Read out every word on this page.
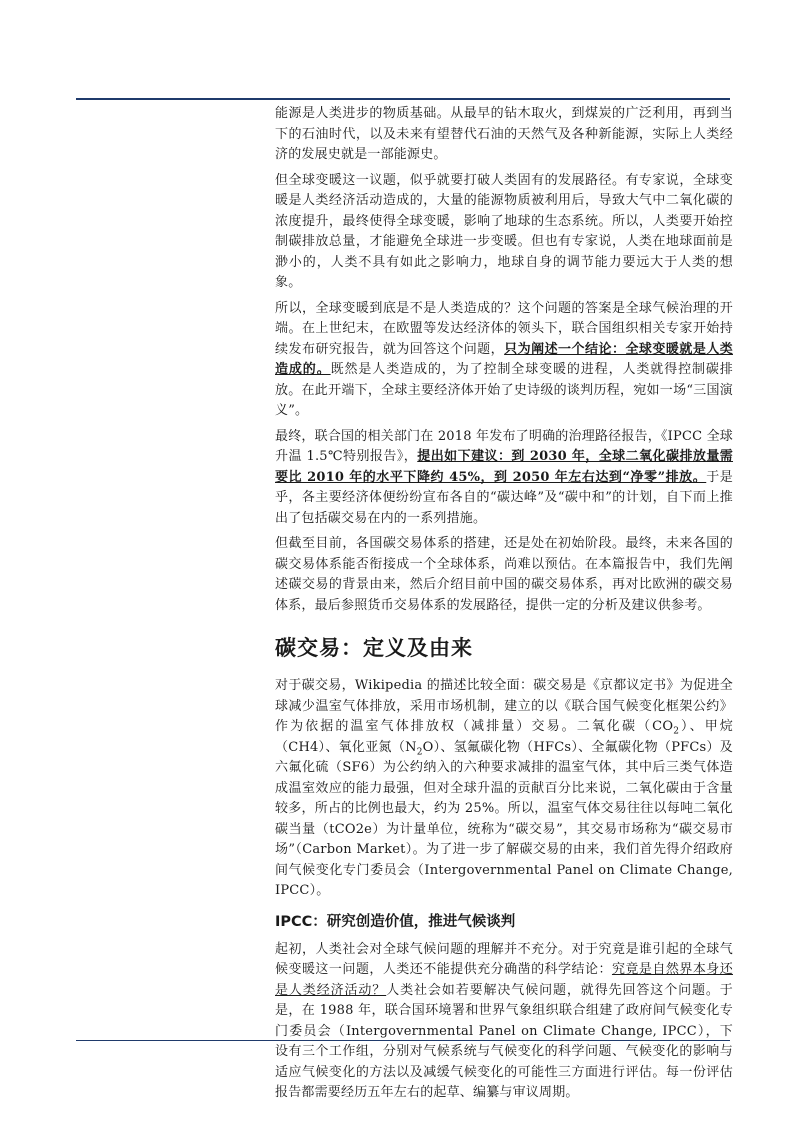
能源是人类进步的物质基础。从最早的钻木取火，到煤炭的广泛利用，再到当下的石油时代，以及未来有望替代石油的天然气及各种新能源，实际上人类经济的发展史就是一部能源史。

但全球变暖这一议题，似乎就要打破人类固有的发展路径。有专家说，全球变暖是人类经济活动造成的，大量的能源物质被利用后，导致大气中二氧化碳的浓度提升，最终使得全球变暖，影响了地球的生态系统。所以，人类要开始控制碳排放总量，才能避免全球进一步变暖。但也有专家说，人类在地球面前是渺小的，人类不具有如此之影响力，地球自身的调节能力要远大于人类的想象。

所以，全球变暖到底是不是人类造成的？这个问题的答案是全球气候治理的开端。在上世纪末，在欧盟等发达经济体的领头下，联合国组织相关专家开始持续发布研究报告，就为回答这个问题，只为阐述一个结论：全球变暖就是人类造成的。既然是人类造成的，为了控制全球变暖的进程，人类就得控制碳排放。在此开端下，全球主要经济体开始了史诗级的谈判历程，宛如一场“三国演义”。

最终，联合国的相关部门在 2018 年发布了明确的治理路径报告，《IPCC 全球升温 1.5℃特别报告》，提出如下建议：到 2030 年，全球二氧化碳排放量需要比 2010 年的水平下降约 45%，到 2050 年左右达到“净零”排放。于是乎，各主要经济体便纷纷宣布各自的“碳达峰”及“碳中和”的计划，自下而上推出了包括碳交易在内的一系列措施。

但截至目前，各国碳交易体系的搭建，还是处在初始阶段。最终，未来各国的碳交易体系能否衔接成一个全球体系，尚难以预估。在本篇报告中，我们先阐述碳交易的背景由来，然后介绍目前中国的碳交易体系，再对比欧洲的碳交易体系，最后参照货币交易体系的发展路径，提供一定的分析及建议供参考。

碳交易：定义及由来

对于碳交易，Wikipedia 的描述比较全面：碳交易是《京都议定书》为促进全球减少温室气体排放，采用市场机制，建立的以《联合国气候变化框架公约》作为依据的温室气体排放权（减排量）交易。二氧化碳$(CO_2)$、甲烷（CH4）、氧化亚氮$(N_2O)$、氢氟碳化物（HFCs）、全氟碳化物（PFCs）及六氟化硫（SF6）为公约纳入的六种要求减排的温室气体，其中后三类气体造成温室效应的能力最强，但对全球升温的贡献百分比来说，二氧化碳由于含量较多，所占的比例也最大，约为 25%。所以，温室气体交易往往以每吨二氧化碳当量（tCO2e）为计量单位，统称为“碳交易”，其交易市场称为“碳交易市场”（Carbon Market）。为了进一步了解碳交易的由来，我们首先得介绍政府间气候变化专门委员会（Intergovernmental Panel on Climate Change, IPCC）。

IPCC：研究创造价值，推进气候谈判

起初，人类社会对全球气候问题的理解并不充分。对于究竟是谁引起的全球气候变暖这一问题，人类还不能提供充分确凿的科学结论：究竟是自然界本身还是人类经济活动？人类社会如若要解决气候问题，就得先回答这个问题。于是，在 1988 年，联合国环境署和世界气象组织联合组建了政府间气候变化专门委员会（Intergovernmental Panel on Climate Change, IPCC），下设有三个工作组，分别对气候系统与气候变化的科学问题、气候变化的影响与适应气候变化的方法以及减缓气候变化的可能性三方面进行评估。每一份评估报告都需要经历五年左右的起草、编纂与审议周期。
